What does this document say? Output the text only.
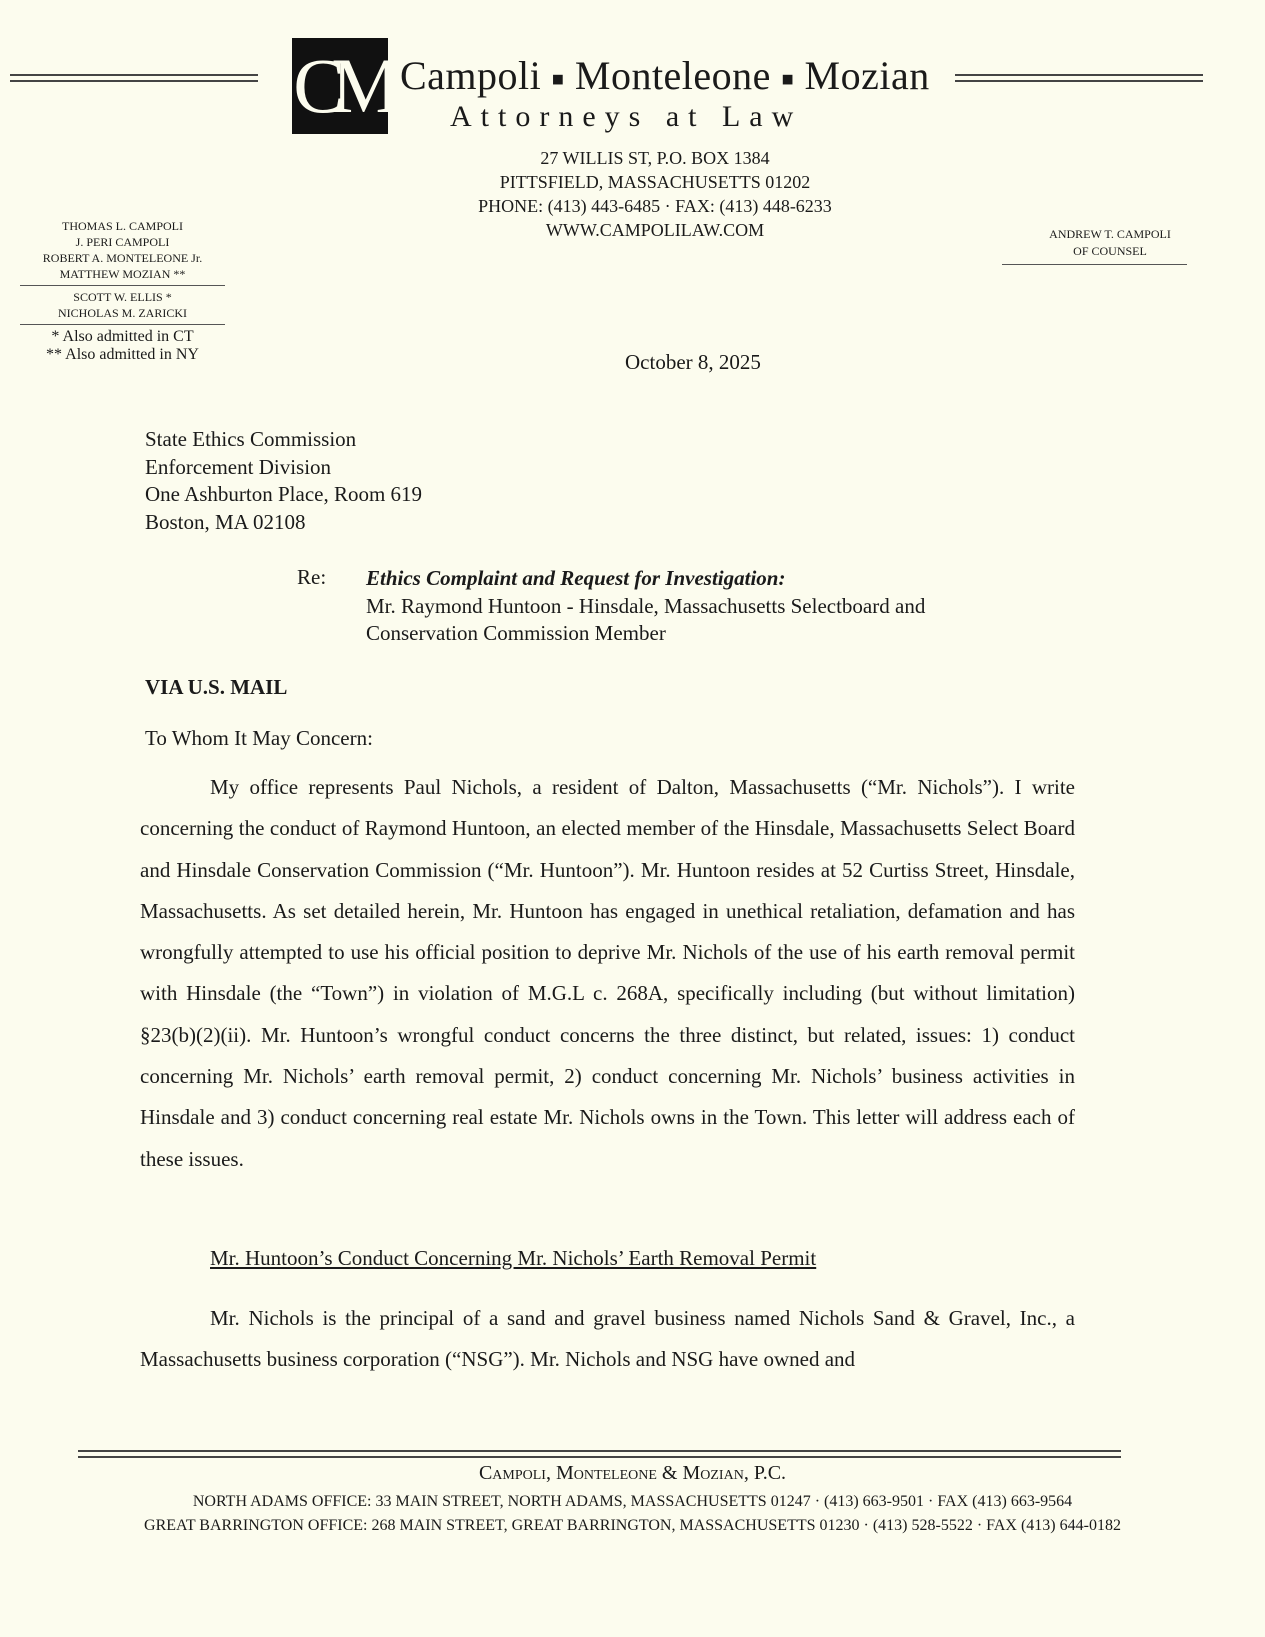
CM Campoli ■ Monteleone ■ Mozian
Attorneys at Law
27 WILLIS ST, P.O. BOX 1384
PITTSFIELD, MASSACHUSETTS 01202
PHONE: (413) 443-6485 · FAX: (413) 448-6233
WWW.CAMPOLILAW.COM
THOMAS L. CAMPOLI
J. PERI CAMPOLI
ROBERT A. MONTELEONE Jr.
MATTHEW MOZIAN **
SCOTT W. ELLIS *
NICHOLAS M. ZARICKI
* Also admitted in CT
** Also admitted in NY
ANDREW T. CAMPOLI
OF COUNSEL
October 8, 2025
State Ethics Commission
Enforcement Division
One Ashburton Place, Room 619
Boston, MA 02108
Re: Ethics Complaint and Request for Investigation:
Mr. Raymond Huntoon - Hinsdale, Massachusetts Selectboard and
Conservation Commission Member
VIA U.S. MAIL
To Whom It May Concern:
My office represents Paul Nichols, a resident of Dalton, Massachusetts (“Mr. Nichols”). I write concerning the conduct of Raymond Huntoon, an elected member of the Hinsdale, Massachusetts Select Board and Hinsdale Conservation Commission (“Mr. Huntoon”). Mr. Huntoon resides at 52 Curtiss Street, Hinsdale, Massachusetts. As set detailed herein, Mr. Huntoon has engaged in unethical retaliation, defamation and has wrongfully attempted to use his official position to deprive Mr. Nichols of the use of his earth removal permit with Hinsdale (the “Town”) in violation of M.G.L c. 268A, specifically including (but without limitation) §23(b)(2)(ii). Mr. Huntoon’s wrongful conduct concerns the three distinct, but related, issues: 1) conduct concerning Mr. Nichols’ earth removal permit, 2) conduct concerning Mr. Nichols’ business activities in Hinsdale and 3) conduct concerning real estate Mr. Nichols owns in the Town. This letter will address each of these issues.
Mr. Huntoon’s Conduct Concerning Mr. Nichols’ Earth Removal Permit
Mr. Nichols is the principal of a sand and gravel business named Nichols Sand & Gravel, Inc., a Massachusetts business corporation (“NSG”). Mr. Nichols and NSG have owned and
Campoli, Monteleone & Mozian, P.C.
NORTH ADAMS OFFICE: 33 MAIN STREET, NORTH ADAMS, MASSACHUSETTS 01247 · (413) 663-9501 · FAX (413) 663-9564
GREAT BARRINGTON OFFICE: 268 MAIN STREET, GREAT BARRINGTON, MASSACHUSETTS 01230 · (413) 528-5522 · FAX (413) 644-0182
